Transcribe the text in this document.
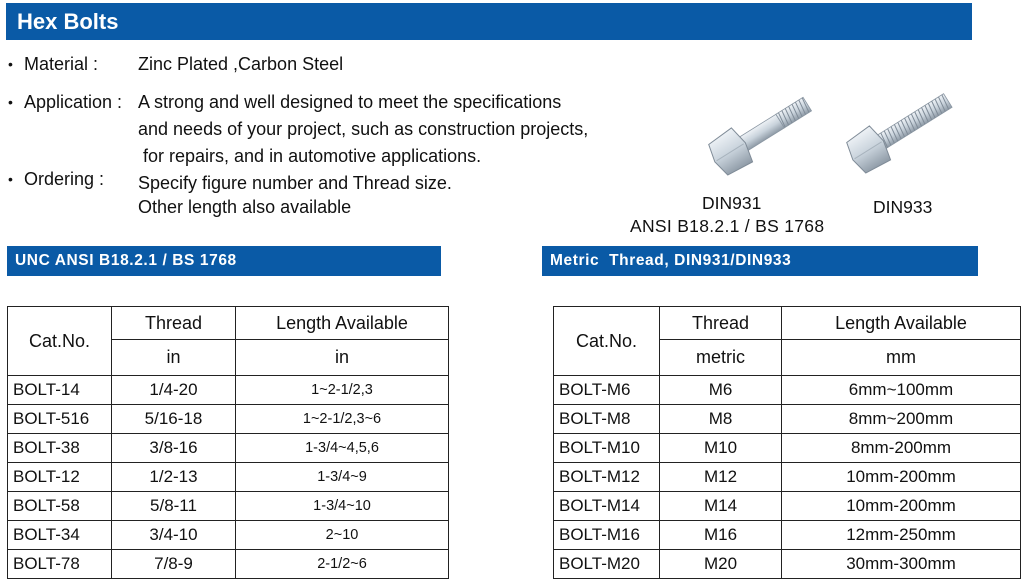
Hex Bolts
• Material : Zinc Plated ,Carbon Steel
• Application : A strong and well designed to meet the specifications
and needs of your project, such as construction projects,
for repairs, and in automotive applications.
• Ordering : Specify figure number and Thread size.
Other length also available	DIN931
ANSI B18.2.1 / BS 1768
DIN933
UNC ANSI B18.2.1 / BS 1768	Metric  Thread, DIN931/DIN933
Cat.No.	Thread	Length Available
	in	in
BOLT-14	1/4-20	1~2-1/2,3
BOLT-516	5/16-18	1~2-1/2,3~6
BOLT-38	3/8-16	1-3/4~4,5,6
BOLT-12	1/2-13	1-3/4~9
BOLT-58	5/8-11	1-3/4~10
BOLT-34	3/4-10	2~10
BOLT-78	7/8-9	2-1/2~6
Cat.No.	Thread	Length Available
	metric	mm
BOLT-M6	M6	6mm~100mm
BOLT-M8	M8	8mm~200mm
BOLT-M10	M10	8mm-200mm
BOLT-M12	M12	10mm-200mm
BOLT-M14	M14	10mm-200mm
BOLT-M16	M16	12mm-250mm
BOLT-M20	M20	30mm-300mm
